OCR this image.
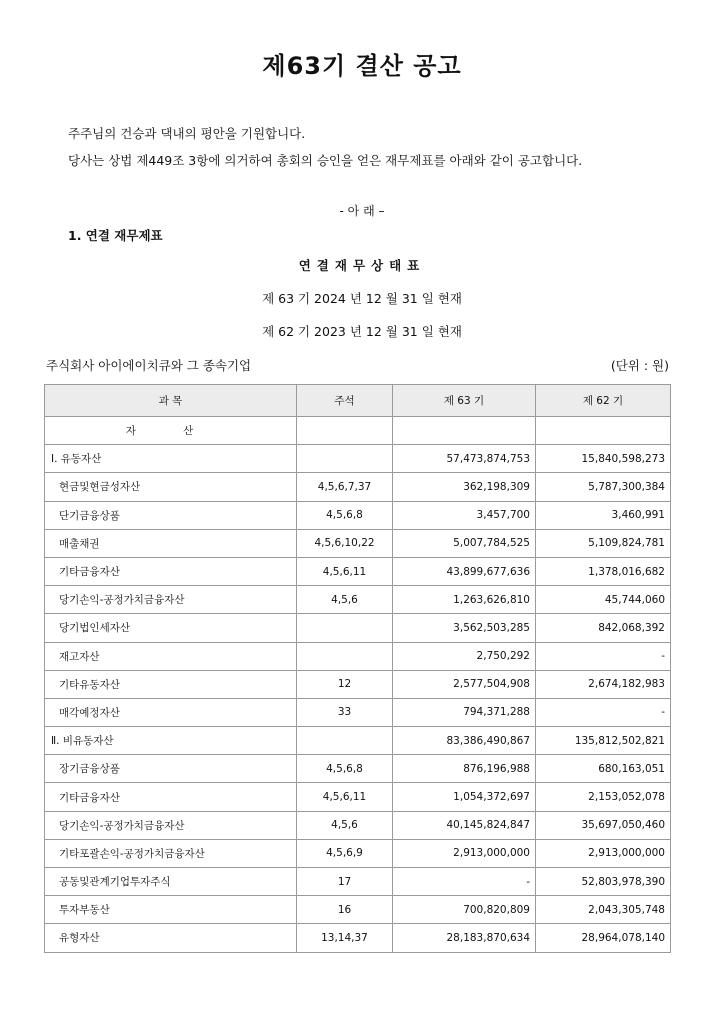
제63기 결산 공고
주주님의 건승과 댁내의 평안을 기원합니다.
당사는 상법 제449조 3항에 의거하여 총회의 승인을 얻은 재무제표를 아래와 같이 공고합니다.
- 아 래 –
1. 연결 재무제표
연결재무상태표
제 63 기 2024 년 12 월 31 일 현재
제 62 기 2023 년 12 월 31 일 현재
주식회사 아이에이치큐와 그 종속기업	(단위 : 원)
과 목	주석	제 63 기	제 62 기
자 산			
Ⅰ. 유동자산		57,473,874,753	15,840,598,273
현금및현금성자산	4,5,6,7,37	362,198,309	5,787,300,384
단기금융상품	4,5,6,8	3,457,700	3,460,991
매출채권	4,5,6,10,22	5,007,784,525	5,109,824,781
기타금융자산	4,5,6,11	43,899,677,636	1,378,016,682
당기손익-공정가치금융자산	4,5,6	1,263,626,810	45,744,060
당기법인세자산		3,562,503,285	842,068,392
재고자산		2,750,292	-
기타유동자산	12	2,577,504,908	2,674,182,983
매각예정자산	33	794,371,288	-
Ⅱ. 비유동자산		83,386,490,867	135,812,502,821
장기금융상품	4,5,6,8	876,196,988	680,163,051
기타금융자산	4,5,6,11	1,054,372,697	2,153,052,078
당기손익-공정가치금융자산	4,5,6	40,145,824,847	35,697,050,460
기타포괄손익-공정가치금융자산	4,5,6,9	2,913,000,000	2,913,000,000
공동및관계기업투자주식	17	-	52,803,978,390
투자부동산	16	700,820,809	2,043,305,748
유형자산	13,14,37	28,183,870,634	28,964,078,140
